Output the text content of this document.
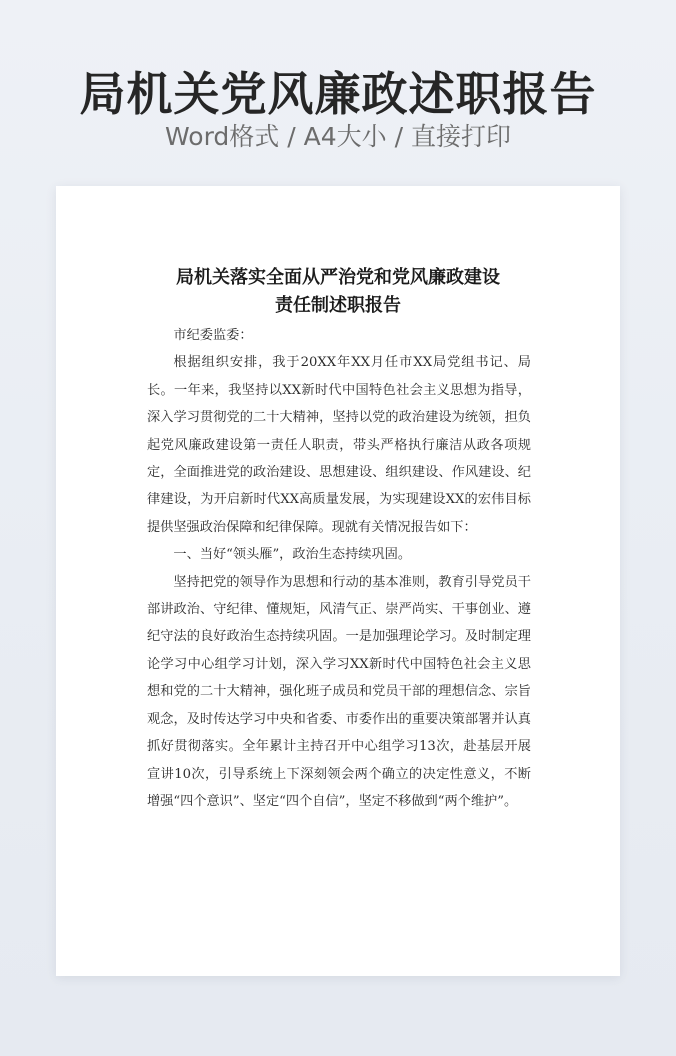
局机关党风廉政述职报告
Word格式 / A4大小 / 直接打印
局机关落实全面从严治党和党风廉政建设
责任制述职报告

市纪委监委：

根据组织安排，我于20XX年XX月任市XX局党组书记、局长。一年来，我坚持以XX新时代中国特色社会主义思想为指导，深入学习贯彻党的二十大精神，坚持以党的政治建设为统领，担负起党风廉政建设第一责任人职责，带头严格执行廉洁从政各项规定，全面推进党的政治建设、思想建设、组织建设、作风建设、纪律建设，为开启新时代XX高质量发展，为实现建设XX的宏伟目标提供坚强政治保障和纪律保障。现就有关情况报告如下：

一、当好“领头雁”，政治生态持续巩固。

坚持把党的领导作为思想和行动的基本准则，教育引导党员干部讲政治、守纪律、懂规矩，风清气正、崇严尚实、干事创业、遵纪守法的良好政治生态持续巩固。一是加强理论学习。及时制定理论学习中心组学习计划，深入学习XX新时代中国特色社会主义思想和党的二十大精神，强化班子成员和党员干部的理想信念、宗旨观念，及时传达学习中央和省委、市委作出的重要决策部署并认真抓好贯彻落实。全年累计主持召开中心组学习13次，赴基层开展宣讲10次，引导系统上下深刻领会两个确立的决定性意义，不断增强“四个意识”、坚定“四个自信”，坚定不移做到“两个维护”。
